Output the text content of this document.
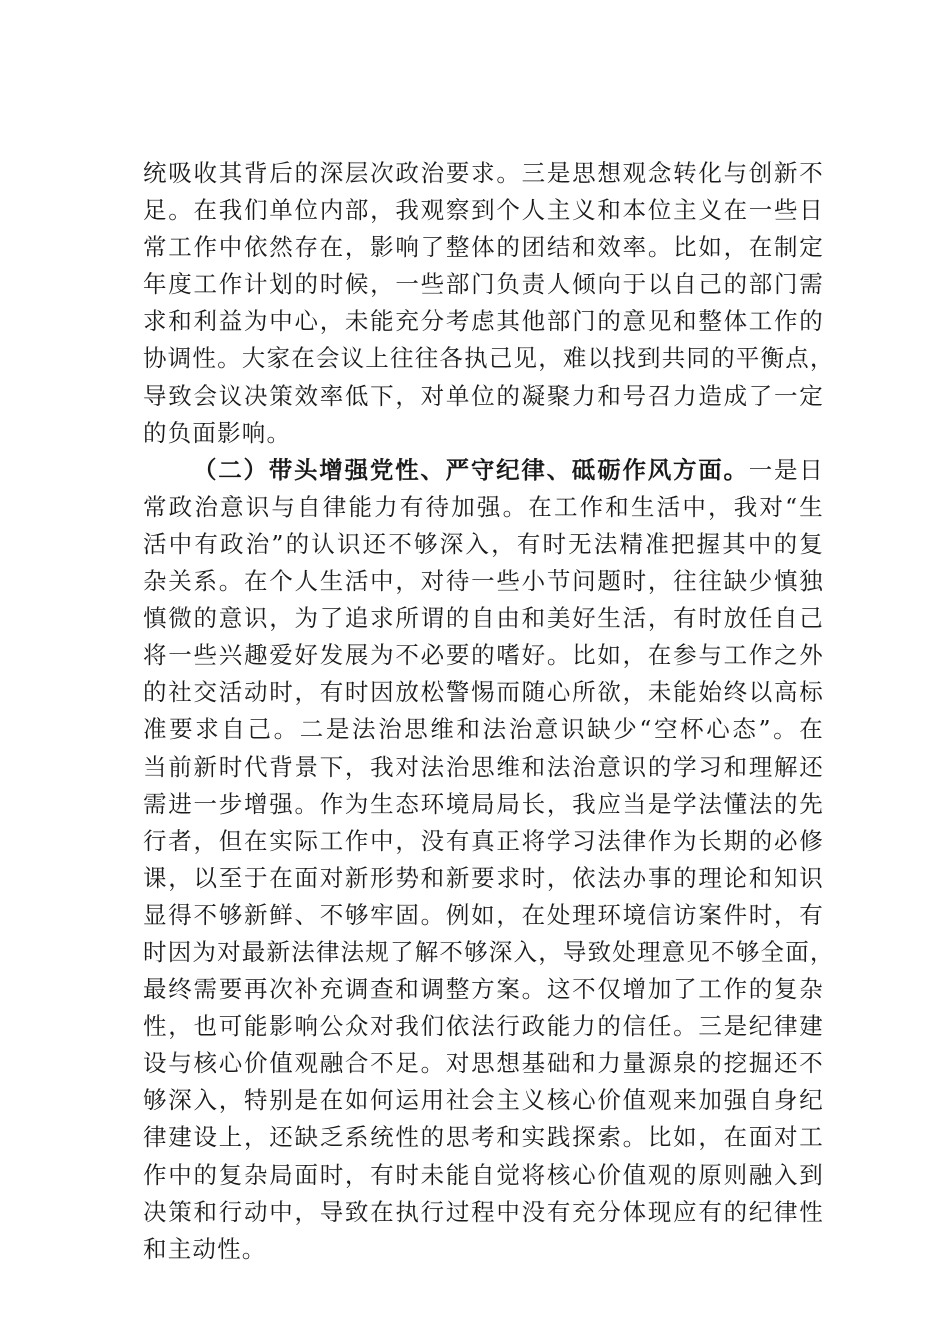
统吸收其背后的深层次政治要求。三是思想观念转化与创新不
足。在我们单位内部，我观察到个人主义和本位主义在一些日
常工作中依然存在，影响了整体的团结和效率。比如，在制定
年度工作计划的时候，一些部门负责人倾向于以自己的部门需
求和利益为中心，未能充分考虑其他部门的意见和整体工作的
协调性。大家在会议上往往各执己见，难以找到共同的平衡点，
导致会议决策效率低下，对单位的凝聚力和号召力造成了一定
的负面影响。
（二）带头增强党性、严守纪律、砥砺作风方面。一是日
常政治意识与自律能力有待加强。在工作和生活中，我对“生
活中有政治”的认识还不够深入，有时无法精准把握其中的复
杂关系。在个人生活中，对待一些小节问题时，往往缺少慎独
慎微的意识，为了追求所谓的自由和美好生活，有时放任自己
将一些兴趣爱好发展为不必要的嗜好。比如，在参与工作之外
的社交活动时，有时因放松警惕而随心所欲，未能始终以高标
准要求自己。二是法治思维和法治意识缺少“空杯心态”。在
当前新时代背景下，我对法治思维和法治意识的学习和理解还
需进一步增强。作为生态环境局局长，我应当是学法懂法的先
行者，但在实际工作中，没有真正将学习法律作为长期的必修
课，以至于在面对新形势和新要求时，依法办事的理论和知识
显得不够新鲜、不够牢固。例如，在处理环境信访案件时，有
时因为对最新法律法规了解不够深入，导致处理意见不够全面，
最终需要再次补充调查和调整方案。这不仅增加了工作的复杂
性，也可能影响公众对我们依法行政能力的信任。三是纪律建
设与核心价值观融合不足。对思想基础和力量源泉的挖掘还不
够深入，特别是在如何运用社会主义核心价值观来加强自身纪
律建设上，还缺乏系统性的思考和实践探索。比如，在面对工
作中的复杂局面时，有时未能自觉将核心价值观的原则融入到
决策和行动中，导致在执行过程中没有充分体现应有的纪律性
和主动性。
